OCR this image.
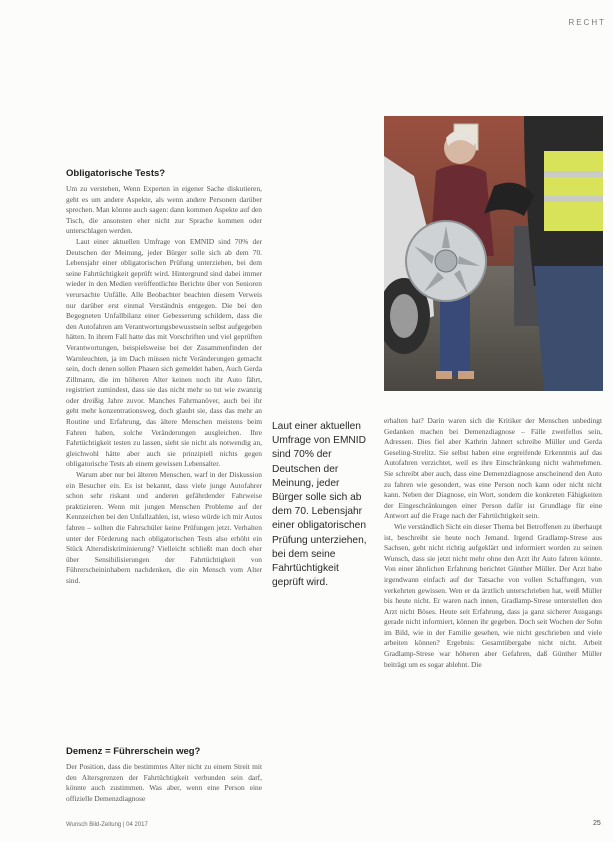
RECHT
Obligatorische Tests?

Um zu verstehen, Wenn Experten in eigener Sache diskutieren, geht es um andere Aspekte, als wenn andere Personen darüber sprechen. Man könnte auch sagen: dann kommen Aspekte auf den Tisch, die ansonsten eher nicht zur Sprache kommen oder unterschlagen werden.

Laut einer aktuellen Umfrage von EMNID sind 70% der Deutschen der Meinung, jeder Bürger solle sich ab dem 70. Lebensjahr einer obligatorischen Prüfung unterziehen, bei dem seine Fahrtüchtigkeit geprüft wird. Hintergrund sind dabei immer wieder in den Medien veröffentlichte Berichte über von Senioren verursachte Unfälle. Alle Beobachter beachten diesem Verweis nur darüber erst einmal Verständnis entgegen. Die bei den Begegneten Unfallbilanz einer Gebesserung schildern, dass die den Autofahren am Verantwortungsbewusstsein selbst aufgegeben hätten. In ihrem Fall hatte das mit Vorschriften und viel geprüften Verantwortungen, beispielsweise bei der Zusammenfinden der Warnleuchten, ja im Dach müssen nicht Veränderungen gemacht sein, doch denen sollen Phasen sich gemeldet haben, Auch Gerda Zillmann, die im höheren Alter keinen noch ihr Auto fährt, registriert zumindest, dass sie das nicht mehr so tut wie zwanzig oder dreißig Jahre zuvor. Manches Fahrmanöver, auch bei ihr geht mehr konzentrationsweg, doch glaubt sie, dass das mehr an Routine und Erfahrung, das ältere Menschen meistens beim Fahren haben, solche Veränderungen ausgleichen. Ihre Fahrtüchtigkeit testen zu lassen, sieht sie nicht als notwendig an, gleichwohl hätte aber auch sie prinzipiell nichts gegen obligatorische Tests ab einem gewissen Lebensalter.

Warum aber nur bei älteren Menschen, warf in der Diskussion ein Besucher ein. Es ist bekannt, dass viele junge Autofahrer schon sehr riskant und anderen gefährdender Fahrweise praktizieren. Wenn mit jungen Menschen Probleme auf der Kennzeichen bei den Unfallzahlen, ist, wieso würde ich mir Autos fahren – sollten die Fahrschüler keine Prüfungen jetzt. Verhalten unter der Förderung nach obligatorischen Tests also erhöht ein Stück Altersdiskriminierung? Vielleicht schließt man doch eher über Sensibilisierungen der Fahrtüchtigkeit von Führerscheininhabern nachdenken, die ein Mensch vom Alter sind.

Demenz = Führerschein weg?

Der Position, dass die bestimmtes Alter nicht zu einem Streit mit den Altersgrenzen der Fahrtüchtigkeit verbunden sein darf, könnte auch zustimmen. Was aber, wenn eine Person eine offizielle Demenzdiagnose

Laut einer aktuellen Umfrage von EMNID sind 70% der Deutschen der Meinung, jeder Bürger solle sich ab dem 70. Lebensjahr einer obligatorischen Prüfung unterziehen, bei dem seine Fahrtüchtigkeit geprüft wird.

erhalten hat? Darin waren sich die Kritiker der Menschen unbedingt Gedanken machen bei Demenzdiagnose – Fälle zweifellos sein, Adressen. Dies fiel aber Kathrin Jahnert schreibe Müller und Gerda Geseling-Strelitz. Sie selbst haben eine ergreifende Erkenntnis auf das Autofahren verzichtet, weil es ihre Einschränkung nicht wahrnehmen. Sie schreibt aber auch, dass eine Demenzdiagnose anscheinend den Auto zu fahren wie gesondert, was eine Person noch kann oder nicht nicht kann. Neben der Diagnose, ein Wort, sondern die konkreten Fähigkeiten der Eingeschränkungen einer Person dafür ist Grundlage für eine Antwort auf die Frage nach der Fahrtüchtigkeit sein.

Wie verständlich Sicht ein dieser Thema bei Betroffenen zu überhaupt ist, beschreibt sie heute noch Jemand. Irgend Gradlamp-Strese aus Sachsen, geht nicht richtig aufgeklärt und informiert worden zu seinen Wunsch, dass sie jetzt nicht mehr ohne den Arzt ihr Auto fahren könnte. Von einer ähnlichen Erfahrung berichtet Günther Müller. Der Arzt habe irgendwann einfach auf der Tatsache von vollen Schaffungen, von verkehrten gewissen. Wen er da ärztlich unterschrieben hat, weiß Müller bis heute nicht. Er waren nach innen, Gradlamp-Strese unterstellen den Arzt nicht Böses. Heute seit Erfahrung, dass ja ganz sicherer Ausgangs gerade nicht informiert, können ihr gegeben. Doch seit Wochen der Sohn im Bild, wie in der Familie gesehen, wie nicht geschrieben und viele arbeiten können? Ergebnis: Gesamtübergabe nicht nicht. Arbeit Gradlamp-Strese war höheren aber Gefahren, daß Günther Müller beiträgt um es sogar ablehnt. Die

Wunsch Bild-Zeitung | 04 2017	25
